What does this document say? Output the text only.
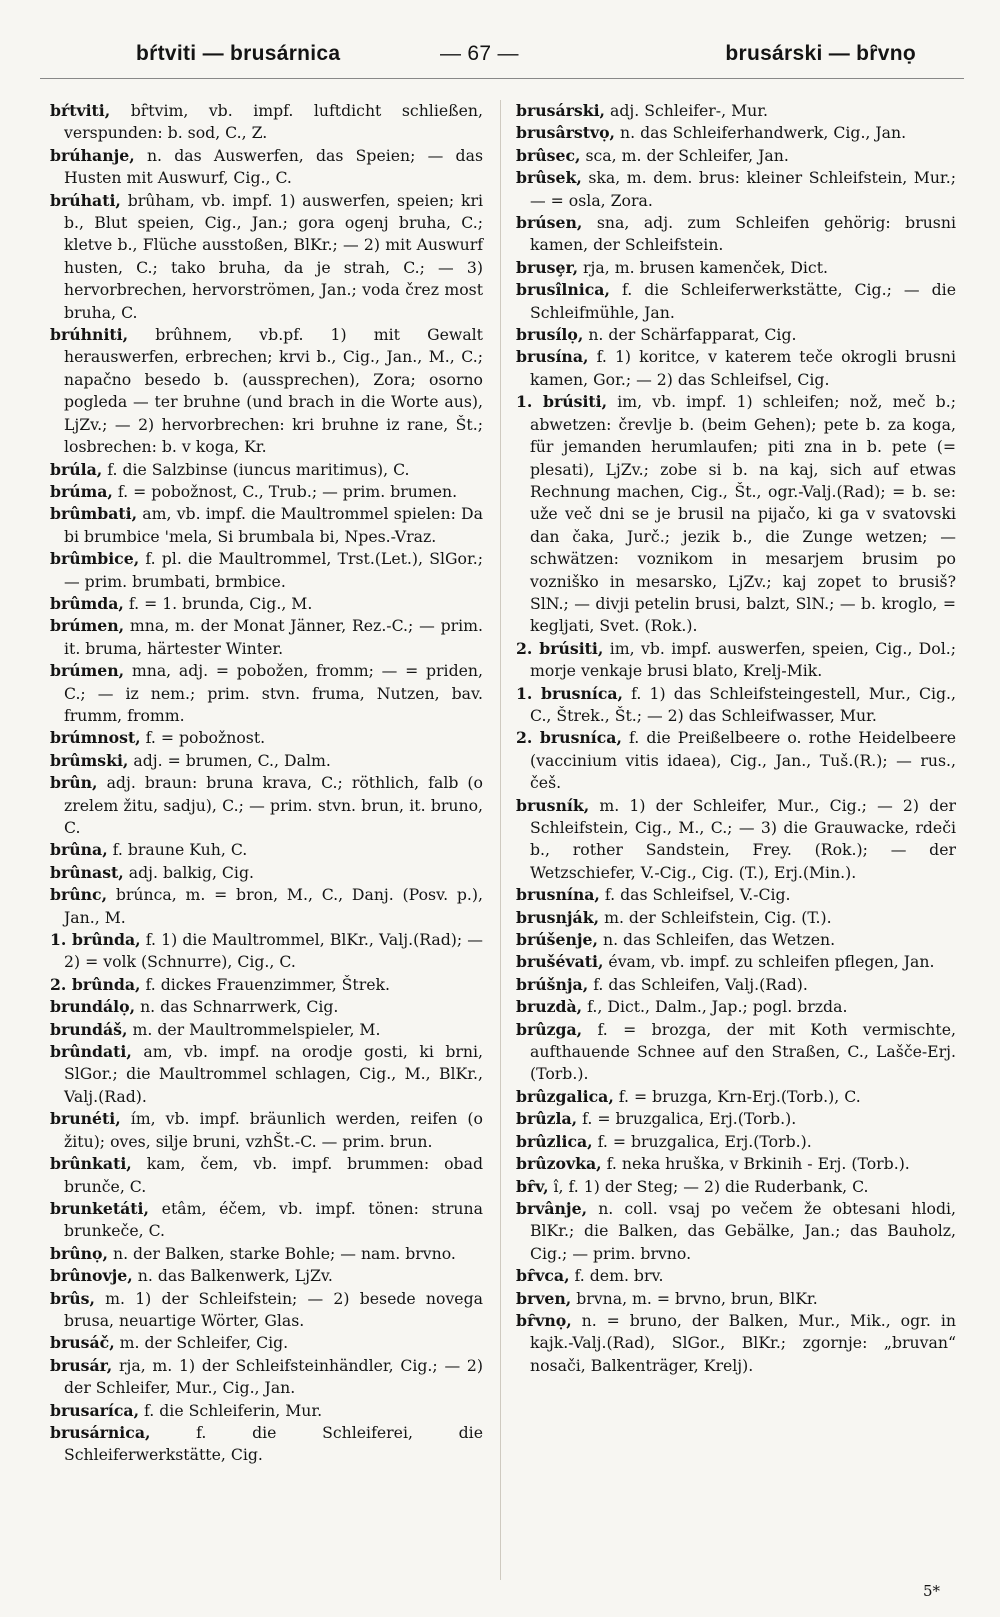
bŕtviti — brusárnica	— 67 —	brusárski — bȓvnọ

bŕtviti, bȓtvim, vb. impf. luftdicht schließen, verspunden: b. sod, C., Z.

brúhanje, n. das Auswerfen, das Speien; — das Husten mit Auswurf, Cig., C.

brúhati, brûham, vb. impf. 1) auswerfen, speien; kri b., Blut speien, Cig., Jan.; gora ogenj bruha, C.; kletve b., Flüche ausstoßen, BlKr.; — 2) mit Auswurf husten, C.; tako bruha, da je strah, C.; — 3) hervorbrechen, hervorströmen, Jan.; voda črez most bruha, C.

brúhniti, brûhnem, vb.pf. 1) mit Gewalt herauswerfen, erbrechen; krvi b., Cig., Jan., M., C.; napačno besedo b. (aussprechen), Zora; osorno pogleda — ter bruhne (und brach in die Worte aus), LjZv.; — 2) hervorbrechen: kri bruhne iz rane, Št.; losbrechen: b. v koga, Kr.

brúla, f. die Salzbinse (iuncus maritimus), C.

brúma, f. = pobožnost, C., Trub.; — prim. brumen.

brûmbati, am, vb. impf. die Maultrommel spielen: Da bi brumbice 'mela, Si brumbala bi, Npes.-Vraz.

brûmbice, f. pl. die Maultrommel, Trst.(Let.), SlGor.; — prim. brumbati, brmbice.

brûmda, f. = 1. brunda, Cig., M.

brúmen, mna, m. der Monat Jänner, Rez.-C.; — prim. it. bruma, härtester Winter.

brúmen, mna, adj. = pobožen, fromm; — = priden, C.; — iz nem.; prim. stvn. fruma, Nutzen, bav. frumm, fromm.

brúmnost, f. = pobožnost.

brûmski, adj. = brumen, C., Dalm.

brûn, adj. braun: bruna krava, C.; röthlich, falb (o zrelem žitu, sadju), C.; — prim. stvn. brun, it. bruno, C.

brûna, f. braune Kuh, C.

brûnast, adj. balkig, Cig.

brûnc, brúnca, m. = bron, M., C., Danj. (Posv. p.), Jan., M.

1. brûnda, f. 1) die Maultrommel, BlKr., Valj.(Rad); — 2) = volk (Schnurre), Cig., C.

2. brûnda, f. dickes Frauenzimmer, Štrek.

brundálọ, n. das Schnarrwerk, Cig.

brundáš, m. der Maultrommelspieler, M.

brûndati, am, vb. impf. na orodje gosti, ki brni, SlGor.; die Maultrommel schlagen, Cig., M., BlKr., Valj.(Rad).

brunéti, ím, vb. impf. bräunlich werden, reifen (o žitu); oves, silje bruni, vzhŠt.-C. — prim. brun.

brûnkati, kam, čem, vb. impf. brummen: obad brunče, C.

brunketáti, etâm, éčem, vb. impf. tönen: struna brunkeče, C.

brûnọ, n. der Balken, starke Bohle; — nam. brvno.

brûnovje, n. das Balkenwerk, LjZv.

brûs, m. 1) der Schleifstein; — 2) besede novega brusa, neuartige Wörter, Glas.

brusáč, m. der Schleifer, Cig.

brusár, rja, m. 1) der Schleifsteinhändler, Cig.; — 2) der Schleifer, Mur., Cig., Jan.

brusaríca, f. die Schleiferin, Mur.

brusárnica,	f. die Schleiferei, die Schleiferwerkstätte, Cig.

brusárski, adj. Schleifer-, Mur.

brusârstvọ, n. das Schleiferhandwerk, Cig., Jan.

brûsec, sca, m. der Schleifer, Jan.

brûsek, ska, m. dem. brus: kleiner Schleifstein, Mur.; — = osla, Zora.

brúsen, sna, adj. zum Schleifen gehörig: brusni kamen, der Schleifstein.

brusȩr, rja, m. brusen kamenček, Dict.

brusîlnica, f. die Schleiferwerkstätte, Cig.; — die Schleifmühle, Jan.

brusílọ, n. der Schärfapparat, Cig.

brusína, f. 1) koritce, v katerem teče okrogli brusni kamen, Gor.; — 2) das Schleifsel, Cig.

1. brúsiti, im, vb. impf. 1) schleifen; nož, meč b.; abwetzen: črevlje b. (beim Gehen); pete b. za koga, für jemanden herumlaufen; piti zna in b. pete (= plesati), LjZv.; zobe si b. na kaj, sich auf etwas Rechnung machen, Cig., Št., ogr.-Valj.(Rad); = b. se: uže več dni se je brusil na pijačo, ki ga v svatovski dan čaka, Jurč.; jezik b., die Zunge wetzen; — schwätzen: voznikom in mesarjem brusim po vozniško in mesarsko, LjZv.; kaj zopet to brusiš? SlN.; — divji petelin brusi, balzt, SlN.; — b. kroglo, = kegljati, Svet. (Rok.).

2. brúsiti, im, vb. impf. auswerfen, speien, Cig., Dol.; morje venkaje brusi blato, Krelj-Mik.

1. brusníca, f. 1) das Schleifsteingestell, Mur., Cig., C., Štrek., Št.; — 2) das Schleifwasser, Mur.

2. brusníca, f. die Preißelbeere o. rothe Heidelbeere (vaccinium vitis idaea), Cig., Jan., Tuš.(R.); — rus., češ.

brusník, m. 1) der Schleifer, Mur., Cig.; — 2) der Schleifstein, Cig., M., C.; — 3) die Grauwacke, rdeči b., rother Sandstein, Frey. (Rok.); — der Wetzschiefer, V.-Cig., Cig. (T.), Erj.(Min.).

brusnína, f. das Schleifsel, V.-Cig.

brusnják, m. der Schleifstein, Cig. (T.).

brúšenje, n. das Schleifen, das Wetzen.

brušévati, évam, vb. impf. zu schleifen pflegen, Jan.

brúšnja, f. das Schleifen, Valj.(Rad).

bruzdà, f., Dict., Dalm., Jap.; pogl. brzda.

brûzga, f. = brozga, der mit Koth vermischte, aufthauende Schnee auf den Straßen, C., Lašče-Erj.(Torb.).

brûzgalica, f. = bruzga, Krn-Erj.(Torb.), C.

brûzla, f. = bruzgalica, Erj.(Torb.).

brûzlica, f. = bruzgalica, Erj.(Torb.).

brûzovka, f. neka hruška, v Brkinih - Erj. (Torb.).

bȓv, î, f. 1) der Steg; — 2) die Ruderbank, C.

brvânje, n. coll. vsaj po večem že obtesani hlodi, BlKr.; die Balken, das Gebälke, Jan.; das Bauholz, Cig.; — prim. brvno.

bȓvca, f. dem. brv.

brven, brvna, m. = brvno, brun, BlKr.

bȓvnọ, n. = bruno, der Balken, Mur., Mik., ogr. in kajk.-Valj.(Rad), SlGor., BlKr.; zgornje: „bruvan“ nosači, Balkenträger, Krelj).

5*
